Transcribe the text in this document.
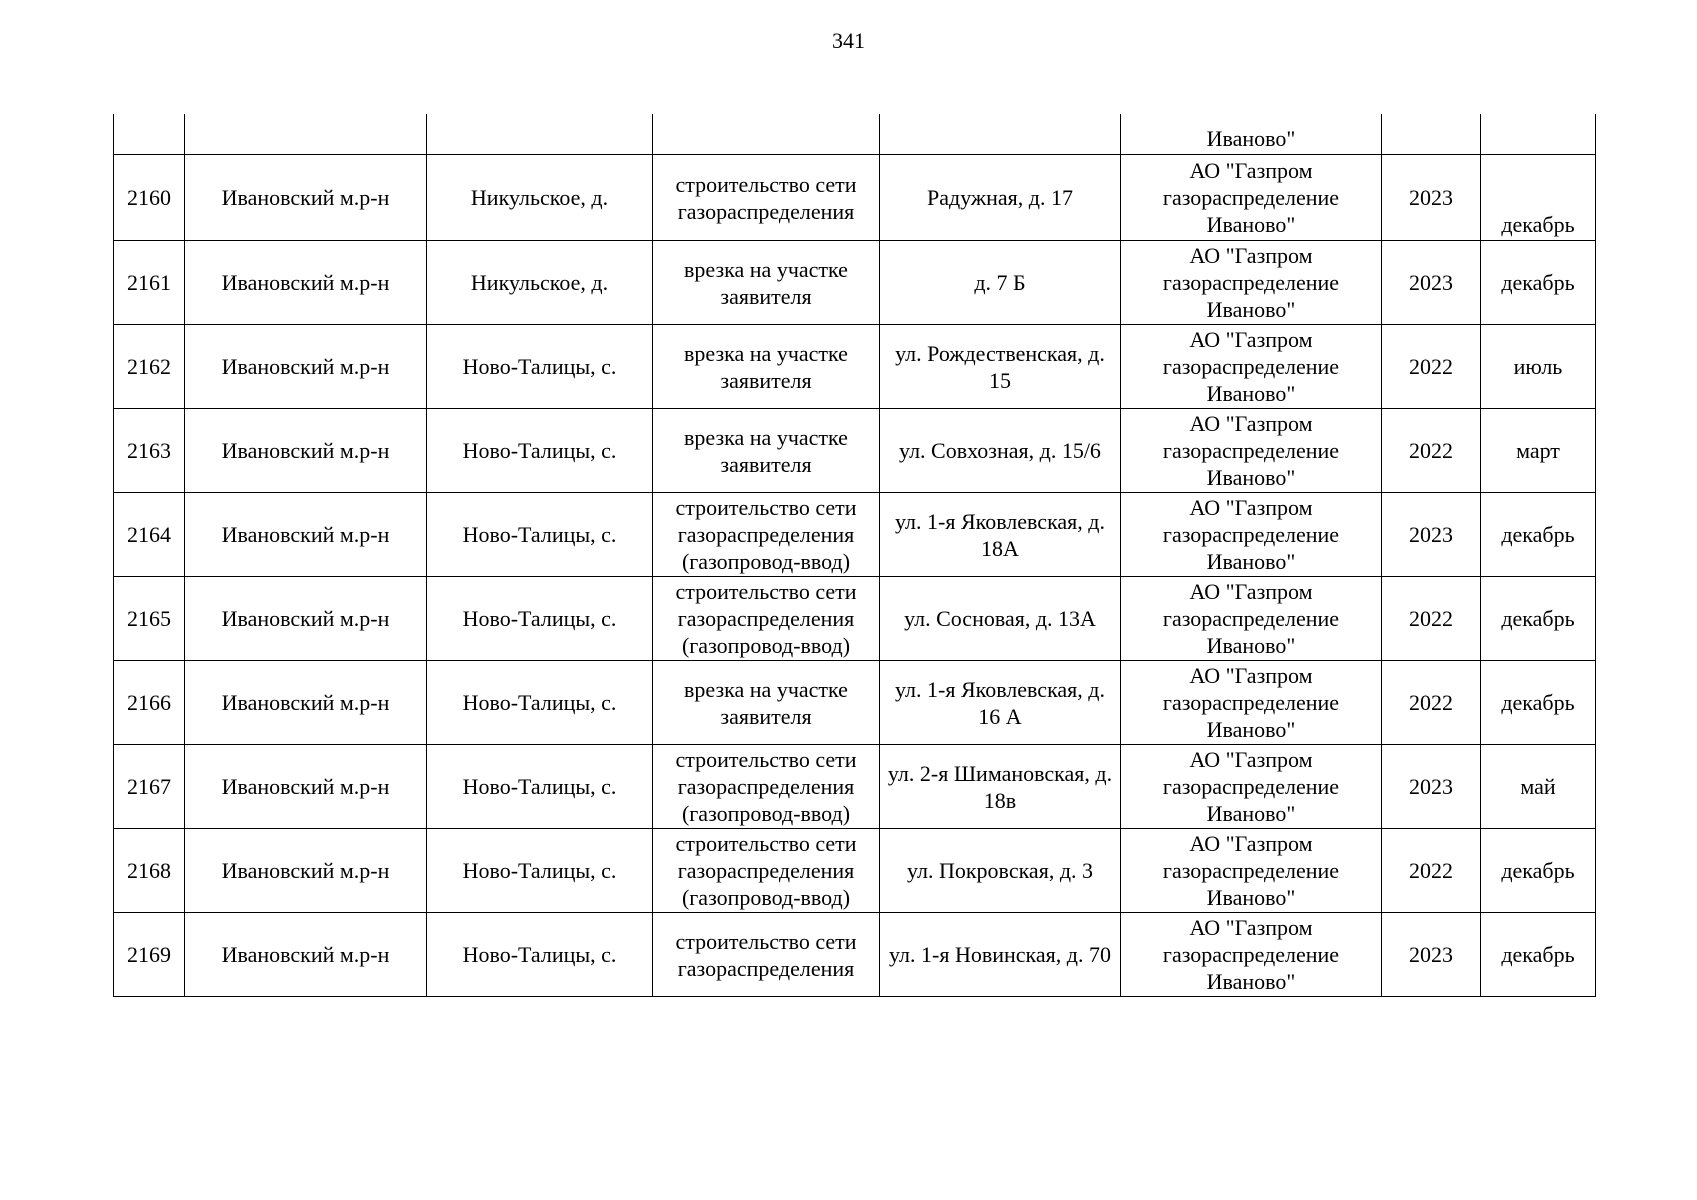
341
					Иваново"		
2160	Ивановский м.р-н	Никульское, д.	строительство сети газораспределения	Радужная, д. 17	АО "Газпром газораспределение Иваново"	2023	декабрь
2161	Ивановский м.р-н	Никульское, д.	врезка на участке заявителя	д. 7 Б	АО "Газпром газораспределение Иваново"	2023	декабрь
2162	Ивановский м.р-н	Ново-Талицы, с.	врезка на участке заявителя	ул. Рождественская, д. 15	АО "Газпром газораспределение Иваново"	2022	июль
2163	Ивановский м.р-н	Ново-Талицы, с.	врезка на участке заявителя	ул. Совхозная, д. 15/6	АО "Газпром газораспределение Иваново"	2022	март
2164	Ивановский м.р-н	Ново-Талицы, с.	строительство сети газораспределения (газопровод-ввод)	ул. 1-я Яковлевская, д. 18А	АО "Газпром газораспределение Иваново"	2023	декабрь
2165	Ивановский м.р-н	Ново-Талицы, с.	строительство сети газораспределения (газопровод-ввод)	ул. Сосновая, д. 13А	АО "Газпром газораспределение Иваново"	2022	декабрь
2166	Ивановский м.р-н	Ново-Талицы, с.	врезка на участке заявителя	ул. 1-я Яковлевская, д. 16 А	АО "Газпром газораспределение Иваново"	2022	декабрь
2167	Ивановский м.р-н	Ново-Талицы, с.	строительство сети газораспределения (газопровод-ввод)	ул. 2-я Шимановская, д. 18в	АО "Газпром газораспределение Иваново"	2023	май
2168	Ивановский м.р-н	Ново-Талицы, с.	строительство сети газораспределения (газопровод-ввод)	ул. Покровская, д. 3	АО "Газпром газораспределение Иваново"	2022	декабрь
2169	Ивановский м.р-н	Ново-Талицы, с.	строительство сети газораспределения	ул. 1-я Новинская, д. 70	АО "Газпром газораспределение Иваново"	2023	декабрь
